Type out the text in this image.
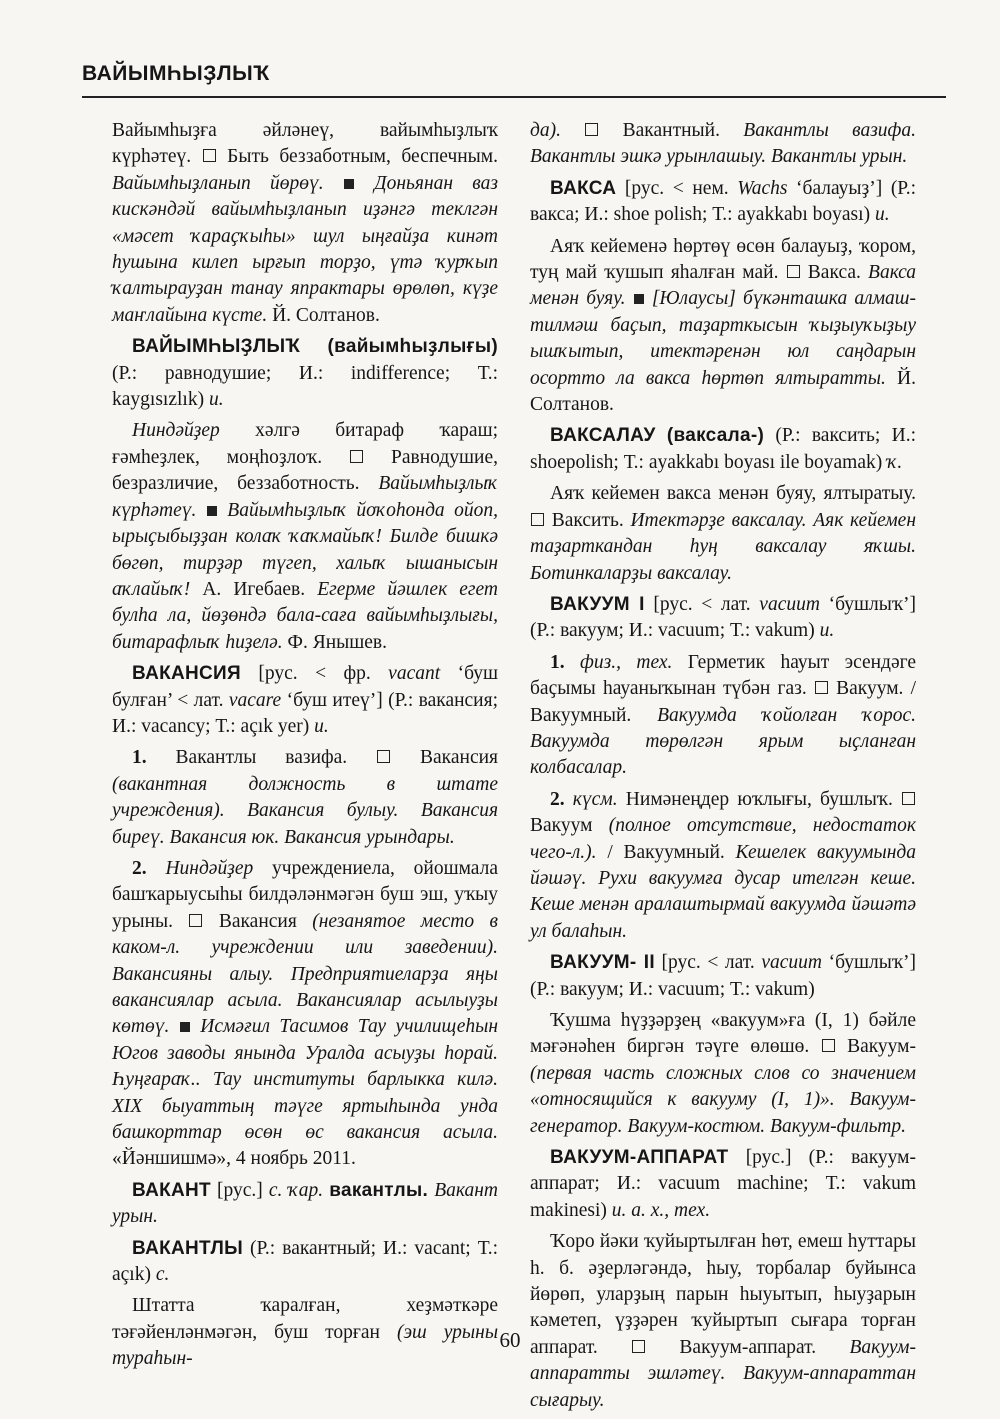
ВАЙЫМҺЫҘЛЫҠ

Вайымһыҙға әйләнеү, вайымһыҙлыҡ күрһәтеү. Быть беззаботным, беспечным. Вайымһыҙланып йөрөү.	Доньянан ваз кискәндәй вайымһыҙланып иҙәнгә теклгән «мәсет ҡараҫҡыһы» шул ыңғайҙа кинәт һушына килеп ырғып торҙо, үтә ҡурҡып ҡалтырауҙан танау япрактары өрөлөп, күҙе маҥлайына күсте. Й. Солтанов.

ВАЙЫМҺЫҘЛЫҠ (вайымһыҙлығы) (Р.: равнодушие; И.: indifference; Т.: kaygısızlık) и.

Ниндәйҙер хәлгә битараф ҡараш; ғәмһеҙлек, моңһоҙлоҡ.	Равнодушие, безразличие, беззаботность. Вайымһыҙлыҡ күрһәтеү. Вайымһыҙлыҡ йоҡоһонда ойоп, ырыҫыбыҙҙан колаҡ ҡаҡмайыҡ! Билде бишкә бөгөп, тирҙәр түгеп, халыҡ ышанысын аҡлайыҡ! А. Игебаев. Егерме йәшлек егет булһа ла, йөҙөндә бала-саға вайымһыҙлығы, битарафлыҡ һиҙелә. Ф. Янышев.

ВАКАНСИЯ [рус. < фр. vacant ‘буш булған’ < лат. vacare ‘буш итеү’] (Р.: вакансия; И.: vacancy; Т.: açık yer) и.

1. Вакантлы вазифа.	Вакансия (вакантная должность в штате учреждения). Вакансия булыу. Вакансия биреү. Вакансия юк. Вакансия урындары.

2. Ниндәйҙер учреждениела, ойошмала башҡарыусыһы билдәләнмәгән буш эш, уҡыу урыны. Вакансия (незанятое место в каком-л. учреждении или заведении). Вакансияны алыу. Предприятиеларҙа яңы вакансиялар асыла. Вакансиялар асылыуҙы көтөү. Исмәғил Тасимов Тау училищеһын Югов заводы янында Уралда асыуҙы һорай. Һуңғараҡ.. Тау институты барлыкка килә. XIX быуаттың тәүге яртыһында унда башкорттар өсөн өс вакансия асыла. «Йәншишмә», 4 ноябрь 2011.

ВАКАНТ [рус.] с. ҡар. вакантлы. Вакант урын.

ВАКАНТЛЫ (Р.: вакантный; И.: vacant; Т.: açık) с.

Штатта ҡаралған, хеҙмәткәре тәғәйенләнмәгән, буш торған (эш урыны тураһын-

да).	Вакантный. Вакантлы вазифа. Вакантлы эшкә урынлашыу. Вакантлы урын.

ВАКСА [рус. < нем. Wachs ‘балауыҙ’] (Р.: вакса; И.: shoe polish; Т.: ayakkabı boyası) и.

Аяҡ кейеменә һөртөү өсөн балауыҙ, ҡором, туң май ҡушып яһалған май. Вакса. Вакса менән буяу. [Юлаусы] бүкәнташка алмаш-тилмәш баҫып, таҙарткысын ҡыҙыуҡыҙыу ышҡытып, итектәренән юл саңдарын осортто ла вакса һөртөп ялтыратты. Й. Солтанов.

ВАКСАЛАУ (ваксала-) (Р.: ваксить; И.: shoepolish; Т.: ayakkabı boyası ile boyamak) ҡ.

Аяҡ кейемен вакса менән буяу, ялтыратыу.  Ваксить. Итектәрҙе ваксалау. Аяк кейемен таҙарткандан һуң ваксалау яҡшы. Ботинкаларҙы ваксалау.

ВАКУУМ I [рус. < лат. vacuum ‘бушлыҡ’] (Р.: вакуум; И.: vacuum; Т.: vakum) и.

1. физ., тех. Герметик һауыт эсендәге баҫымы һауаныҡынан түбән газ. Вакуум. / Вакуумный. Вакуумда ҡойолған ҡорос. Вакуумда төрөлгән ярым ыҫланған колбасалар.

2. күсм. Нимәнеңдер юҡлығы, бушлыҡ.  Вакуум (полное отсутствие, недостаток чего-л.). / Вакуумный. Кешелек вакуумында йәшәү. Рухи вакуумға дусар ителгән кеше. Кеше менән аралаштырмай вакуумда йәшәтә ул балаһын.

ВАКУУМ- II [рус. < лат. vacuum ‘бушлыҡ’] (Р.: вакуум; И.: vacuum; Т.: vakum)

Ҡушма һүҙҙәрҙең «вакуум»ға (I, 1) бәйле мәғәнәһен биргән тәүге өлөшө. Вакуум- (первая часть сложных слов со значением «относящийся к вакууму (I, 1)». Вакуум-генератор. Вакуум-костюм. Вакуум-фильтр.

ВАКУУМ-АППАРАТ [рус.] (Р.: вакуум-аппарат; И.: vacuum machine; Т.: vakum makinesi) и. а. х., тех.

Ҡоро йәки ҡуйыртылған һөт, емеш һуттары һ. б. әҙерләгәндә, һыу, торбалар буйынса йөрөп, уларҙың парын һыуытып, һыуҙарын кәметеп, үҙҙәрен ҡуйыртып сығара торған аппарат.	Вакуум-аппарат. Вакуум-аппаратты эшләтеү. Вакуум-аппараттан сығарыу.

60
